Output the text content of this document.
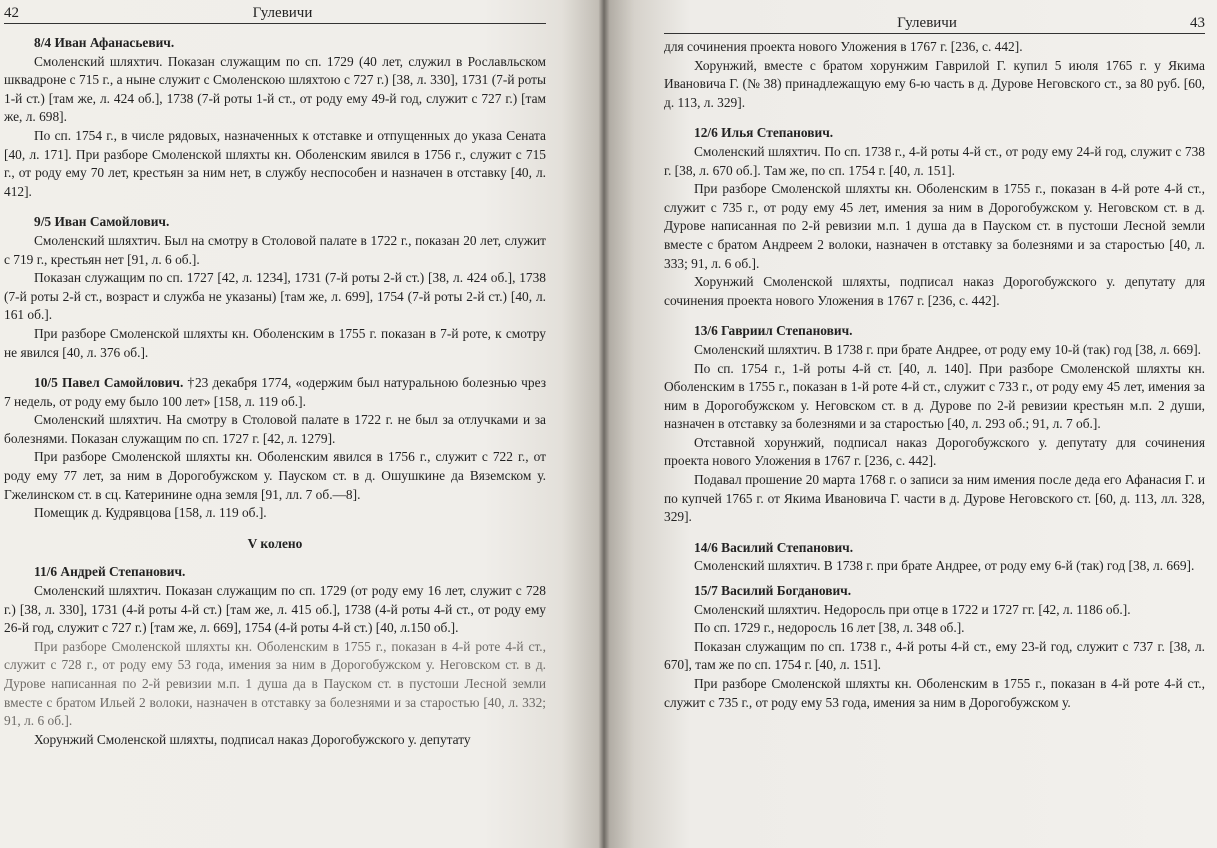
42	Гулевичи
8/4 Иван Афанасьевич.

Смоленский шляхтич. Показан служащим по сп. 1729 (40 лет, служил в Рославльском шквадроне с 715 г., а ныне служит с Смоленскою шляхтою с 727 г.) [38, л. 330], 1731 (7-й роты 1-й ст.) [там же, л. 424 об.], 1738 (7-й роты 1-й ст., от роду ему 49-й год, служит с 727 г.) [там же, л. 698].

По сп. 1754 г., в числе рядовых, назначенных к отставке и отпущенных до указа Сената [40, л. 171]. При разборе Смоленской шляхты кн. Оболенским явился в 1756 г., служит с 715 г., от роду ему 70 лет, крестьян за ним нет, в службу неспособен и назначен в отставку [40, л. 412].

9/5 Иван Самойлович.

Смоленский шляхтич. Был на смотру в Столовой палате в 1722 г., показан 20 лет, служит с 719 г., крестьян нет [91, л. 6 об.].

Показан служащим по сп. 1727 [42, л. 1234], 1731 (7-й роты 2-й ст.) [38, л. 424 об.], 1738 (7-й роты 2-й ст., возраст и служба не указаны) [там же, л. 699], 1754 (7-й роты 2-й ст.) [40, л. 161 об.].

При разборе Смоленской шляхты кн. Оболенским в 1755 г. показан в 7-й роте, к смотру не явился [40, л. 376 об.].

10/5 Павел Самойлович. †23 декабря 1774, «одержим был натуральною болезнью чрез 7 недель, от роду ему было 100 лет» [158, л. 119 об.].

Смоленский шляхтич. На смотру в Столовой палате в 1722 г. не был за отлучками и за болезнями. Показан служащим по сп. 1727 г. [42, л. 1279].

При разборе Смоленской шляхты кн. Оболенским явился в 1756 г., служит с 722 г., от роду ему 77 лет, за ним в Дорогобужском у. Пауском ст. в д. Ошушкине да Вяземском у. Гжелинском ст. в сц. Катеринине одна земля [91, лл. 7 об.—8].

Помещик д. Кудрявцова [158, л. 119 об.].

V колено
11/6 Андрей Степанович.

Смоленский шляхтич. Показан служащим по сп. 1729 (от роду ему 16 лет, служит с 728 г.) [38, л. 330], 1731 (4-й роты 4-й ст.) [там же, л. 415 об.], 1738 (4-й роты 4-й ст., от роду ему 26-й год, служит с 727 г.) [там же, л. 669], 1754 (4-й роты 4-й ст.) [40, л.150 об.].

При разборе Смоленской шляхты кн. Оболенским в 1755 г., показан в 4-й роте 4-й ст., служит с 728 г., от роду ему 53 года, имения за ним в Дорогобужском у. Неговском ст. в д. Дурове написанная по 2-й ревизии м.п. 1 душа да в Пауском ст. в пустоши Лесной земли вместе с братом Ильей 2 волоки, назначен в отставку за болезнями и за старостью [40, л. 332; 91, л. 6 об.].

Хорунжий Смоленской шляхты, подписал наказ Дорогобужского у. депутату

Гулевичи	43

для сочинения проекта нового Уложения в 1767 г. [236, с. 442].

Хорунжий, вместе с братом хорунжим Гаврилой Г. купил 5 июля 1765 г. у Якима Ивановича Г. (№ 38) принадлежащую ему 6-ю часть в д. Дурове Неговского ст., за 80 руб. [60, д. 113, л. 329].

12/6 Илья Степанович.

Смоленский шляхтич. По сп. 1738 г., 4-й роты 4-й ст., от роду ему 24-й год, служит с 738 г. [38, л. 670 об.]. Там же, по сп. 1754 г. [40, л. 151].

При разборе Смоленской шляхты кн. Оболенским в 1755 г., показан в 4-й роте 4-й ст., служит с 735 г., от роду ему 45 лет, имения за ним в Дорогобужском у. Неговском ст. в д. Дурове написанная по 2-й ревизии м.п. 1 душа да в Пауском ст. в пустоши Лесной земли вместе с братом Андреем 2 волоки, назначен в отставку за болезнями и за старостью [40, л. 333; 91, л. 6 об.].

Хорунжий Смоленской шляхты, подписал наказ Дорогобужского у. депутату для сочинения проекта нового Уложения в 1767 г. [236, с. 442].

13/6 Гавриил Степанович.

Смоленский шляхтич. В 1738 г. при брате Андрее, от роду ему 10-й (так) год [38, л. 669].

По сп. 1754 г., 1-й роты 4-й ст. [40, л. 140]. При разборе Смоленской шляхты кн. Оболенским в 1755 г., показан в 1-й роте 4-й ст., служит с 733 г., от роду ему 45 лет, имения за ним в Дорогобужском у. Неговском ст. в д. Дурове по 2-й ревизии крестьян м.п. 2 души, назначен в отставку за болезнями и за старостью [40, л. 293 об.; 91, л. 7 об.].

Отставной хорунжий, подписал наказ Дорогобужского у. депутату для сочинения проекта нового Уложения в 1767 г. [236, с. 442].

Подавал прошение 20 марта 1768 г. о записи за ним имения после деда его Афанасия Г. и по купчей 1765 г. от Якима Ивановича Г. части в д. Дурове Неговского ст. [60, д. 113, лл. 328, 329].

14/6 Василий Степанович.

Смоленский шляхтич. В 1738 г. при брате Андрее, от роду ему 6-й (так) год [38, л. 669].

15/7 Василий Богданович.

Смоленский шляхтич. Недоросль при отце в 1722 и 1727 гг. [42, л. 1186 об.].

По сп. 1729 г., недоросль 16 лет [38, л. 348 об.].

Показан служащим по сп. 1738 г., 4-й роты 4-й ст., ему 23-й год, служит с 737 г. [38, л. 670], там же по сп. 1754 г. [40, л. 151].

При разборе Смоленской шляхты кн. Оболенским в 1755 г., показан в 4-й роте 4-й ст., служит с 735 г., от роду ему 53 года, имения за ним в Дорогобужском у.
